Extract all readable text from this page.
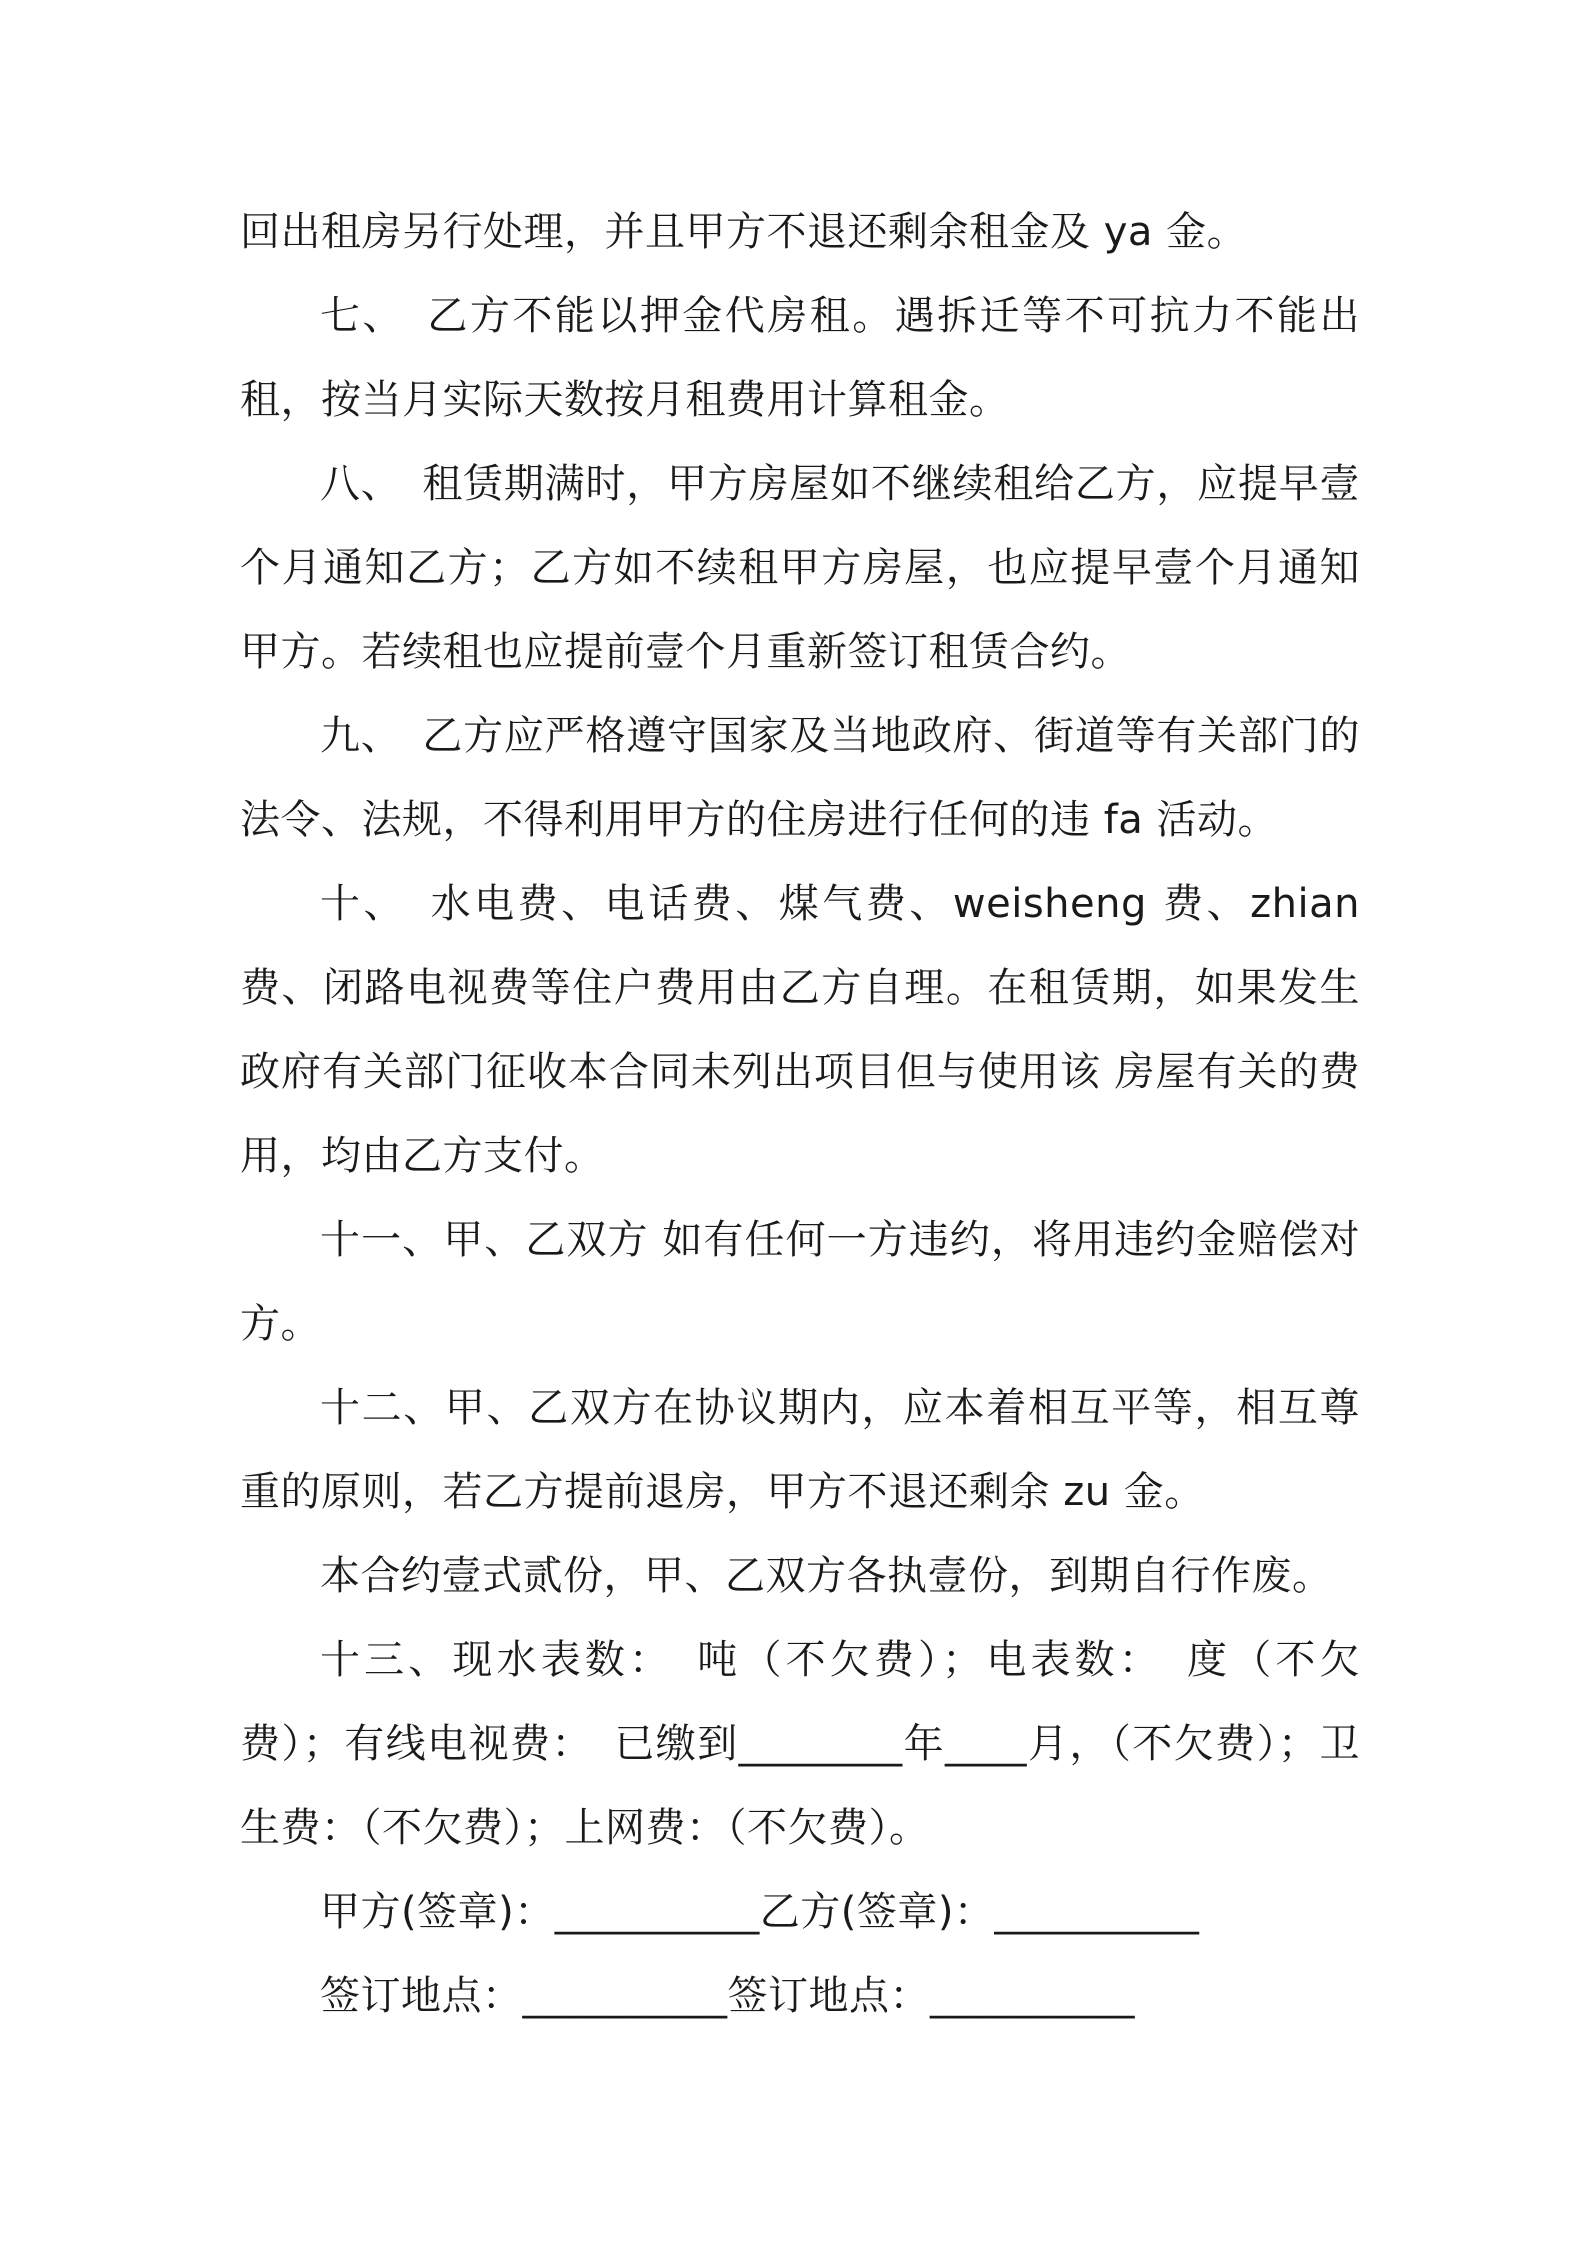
回出租房另行处理，并且甲方不退还剩余租金及 ya 金。

七、　乙方不能以押金代房租。遇拆迁等不可抗力不能出租，按当月实际天数按月租费用计算租金。

八、　租赁期满时，甲方房屋如不继续租给乙方，应提早壹个月通知乙方；乙方如不续租甲方房屋，也应提早壹个月通知甲方。若续租也应提前壹个月重新签订租赁合约。

九、　乙方应严格遵守国家及当地政府、街道等有关部门的法令、法规，不得利用甲方的住房进行任何的违 fa 活动。

十、　水电费、电话费、煤气费、weisheng 费、zhian 费、闭路电视费等住户费用由乙方自理。在租赁期，如果发生政府有关部门征收本合同未列出项目但与使用该 房屋有关的费用，均由乙方支付。

十一、甲、乙双方 如有任何一方违约，将用违约金赔偿对方。

十二、甲、乙双方在协议期内，应本着相互平等，相互尊重的原则，若乙方提前退房，甲方不退还剩余 zu 金。

本合约壹式贰份，甲、乙双方各执壹份，到期自行作废。

十三、现水表数：　吨（不欠费）；电表数：　度（不欠费）；有线电视费：　已缴到________年____月，（不欠费）；卫生费：（不欠费）；上网费：（不欠费）。

甲方(签章)：__________乙方(签章)：__________
签订地点：__________签订地点：__________
